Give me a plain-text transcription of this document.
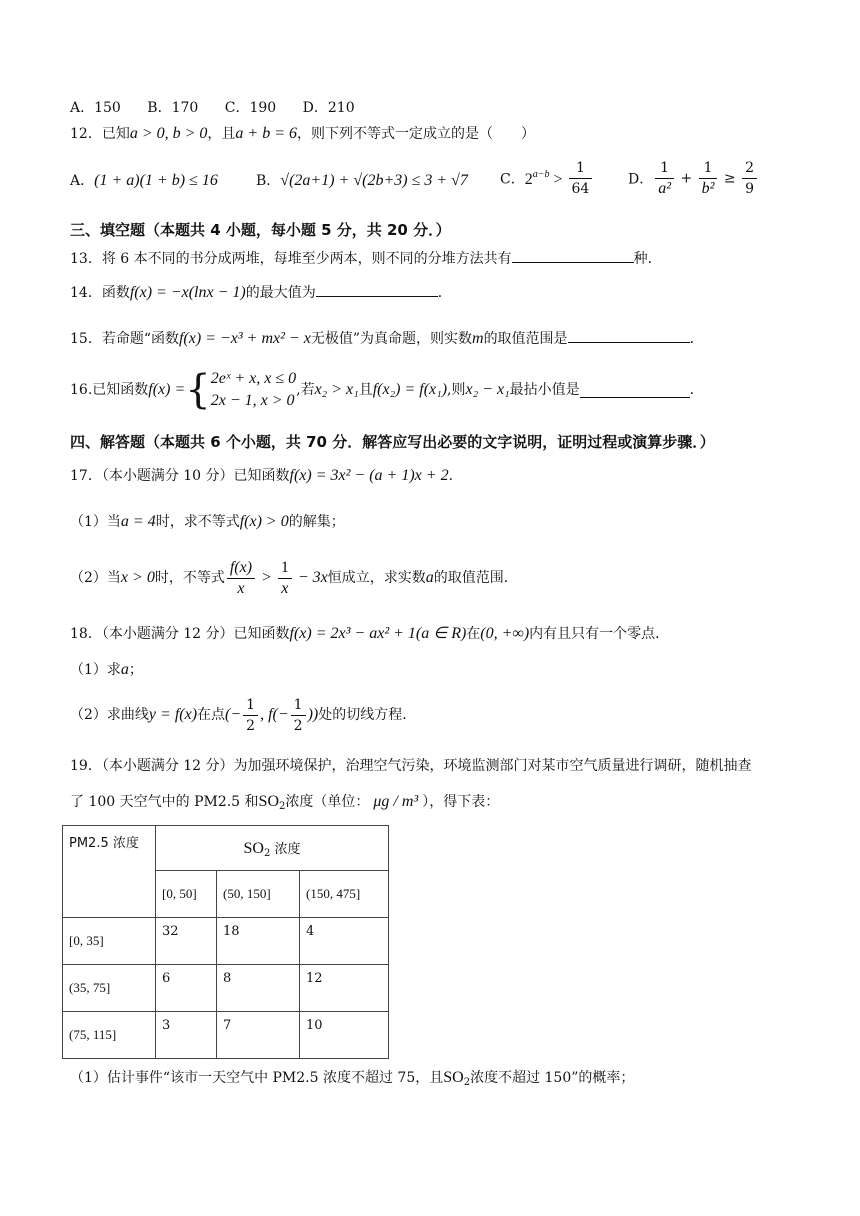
A．150 B．170 C．190 D．210
12．已知a > 0, b > 0，且a + b = 6，则下列不等式一定成立的是（　　）
A．(1 + a)(1 + b) ≤ 16	B．√(2a+1) + √(2b+3) ≤ 3 + √7 C．$2^{a-b} > \frac{1}{64}$	D． $\frac{1}{\text{a²}} + \frac{1}{\text{b²}} \ge \frac{2}{9}$
三、填空题（本题共 4 小题，每小题 5 分，共 20 分．）
13．将 6 本不同的书分成两堆，每堆至少两本，则不同的分堆方法共有	种．
14．函数f(x) = −x(lnx − 1)的最大值为	．
15．若命题“函数f(x) = −x³ + mx² − x无极值”为真命题，则实数m的取值范围是	．
16.已知函数f(x) ={ 2eˣ + x, x ≤ 0
2x − 1, x > 0
,若x₂ > x₁且f(x₂) = f(x₁),则x₂ − x₁最拈小值是	.
四、解答题（本题共 6 个小题，共 70 分．解答应写出必要的文字说明，证明过程或演算步骤．）
17．（本小题满分 10 分）已知函数f(x) = 3x² − (a + 1)x + 2．
（1）当a = 4时，求不等式f(x) > 0的解集；
（2）当x > 0时，不等式 $\frac{f(x)}{x} > \frac{1}{x} - 3x$恒成立，求实数a的取值范围．
18．（本小题满分 12 分）已知函数f(x) = 2x³ − ax² + 1(a ∈ R)在(0, +∞)内有且只有一个零点．
（1）求a；
（2）求曲线y = f(x)在点(− $\frac{1}{2}$ , $f(- \frac{1}{2}$ ))处的切线方程．
19．（本小题满分 12 分）为加强环境保护，治理空气污染，环境监测部门对某市空气质量进行调研，随机抽查
了 100 天空气中的 PM2.5 和$SO_2$浓度（单位： μg / m³ ），得下表：
PM2.5 浓度	$SO_2$ 浓度		
	[0, 50]	(50, 150]	(150, 475]
[0, 35]	32	18	4
(35, 75]	6	8	12
(75, 115]	3	7	10
（1）估计事件“该市一天空气中 PM2.5 浓度不超过 75，且$SO_2$浓度不超过 150”的概率；
